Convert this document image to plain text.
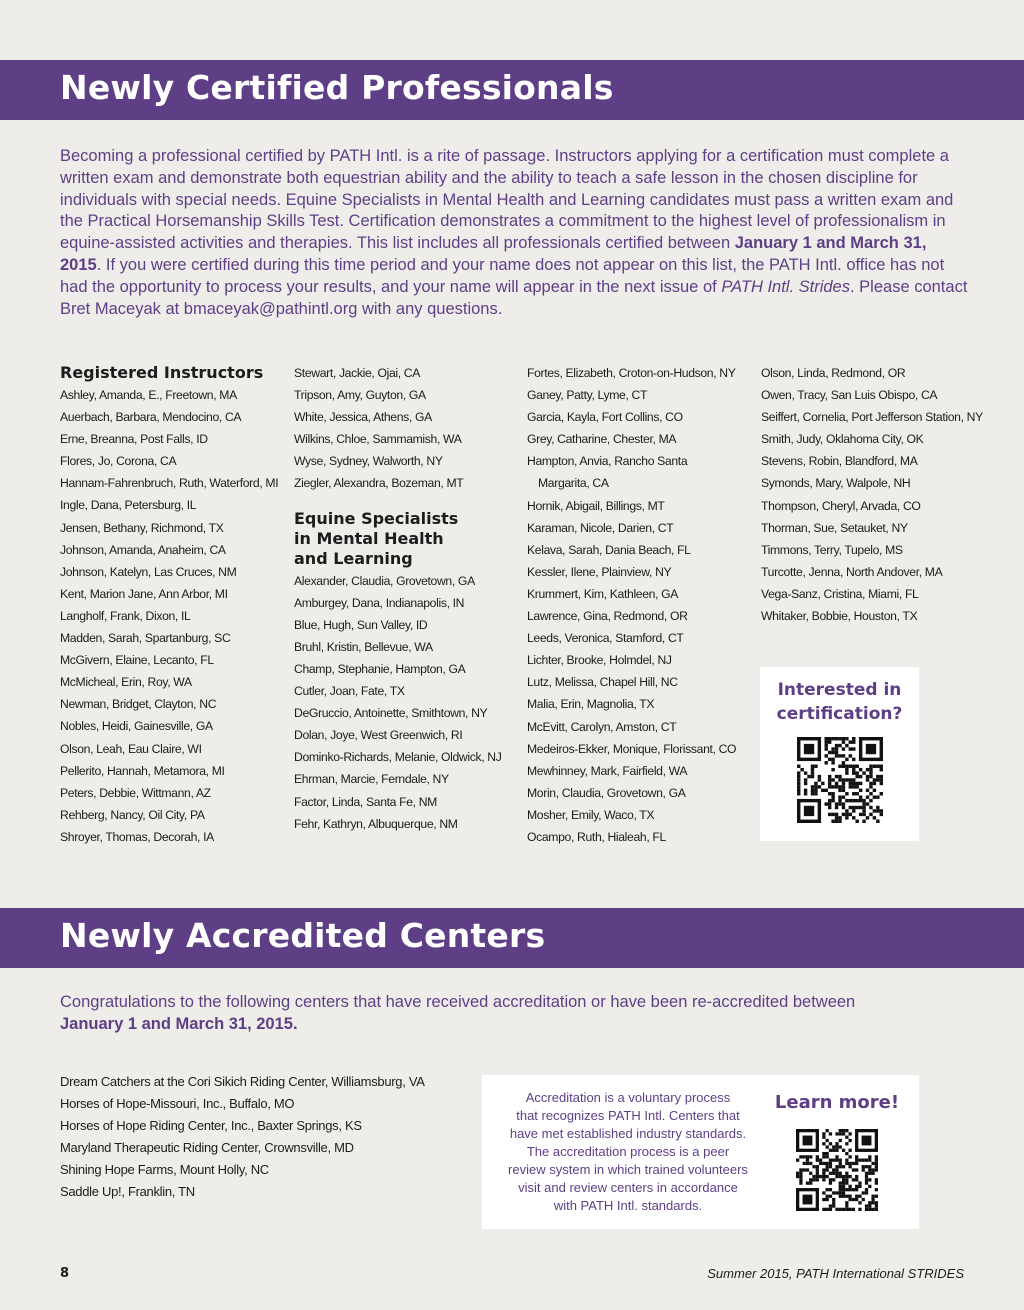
Newly Certified Professionals
Becoming a professional certified by PATH Intl. is a rite of passage. Instructors applying for a certification must complete a written exam and demonstrate both equestrian ability and the ability to teach a safe lesson in the chosen discipline for individuals with special needs. Equine Specialists in Mental Health and Learning candidates must pass a written exam and the Practical Horsemanship Skills Test. Certification demonstrates a commitment to the highest level of professionalism in equine-assisted activities and therapies. This list includes all professionals certified between January 1 and March 31, 2015. If you were certified during this time period and your name does not appear on this list, the PATH Intl. office has not had the opportunity to process your results, and your name will appear in the next issue of PATH Intl. Strides. Please contact Bret Maceyak at bmaceyak@pathintl.org with any questions.
Registered Instructors
Ashley, Amanda, E., Freetown, MA
Auerbach, Barbara, Mendocino, CA
Erne, Breanna, Post Falls, ID
Flores, Jo, Corona, CA
Hannam-Fahrenbruch, Ruth, Waterford, MI
Ingle, Dana, Petersburg, IL
Jensen, Bethany, Richmond, TX
Johnson, Amanda, Anaheim, CA
Johnson, Katelyn, Las Cruces, NM
Kent, Marion Jane, Ann Arbor, MI
Langholf, Frank, Dixon, IL
Madden, Sarah, Spartanburg, SC
McGivern, Elaine, Lecanto, FL
McMicheal, Erin, Roy, WA
Newman, Bridget, Clayton, NC
Nobles, Heidi, Gainesville, GA
Olson, Leah, Eau Claire, WI
Pellerito, Hannah, Metamora, MI
Peters, Debbie, Wittmann, AZ
Rehberg, Nancy, Oil City, PA
Shroyer, Thomas, Decorah, IA
Stewart, Jackie, Ojai, CA
Tripson, Amy, Guyton, GA
White, Jessica, Athens, GA
Wilkins, Chloe, Sammamish, WA
Wyse, Sydney, Walworth, NY
Ziegler, Alexandra, Bozeman, MT
Equine Specialists
in Mental Health
and Learning
Alexander, Claudia, Grovetown, GA
Amburgey, Dana, Indianapolis, IN
Blue, Hugh, Sun Valley, ID
Bruhl, Kristin, Bellevue, WA
Champ, Stephanie, Hampton, GA
Cutler, Joan, Fate, TX
DeGruccio, Antoinette, Smithtown, NY
Dolan, Joye, West Greenwich, RI
Dominko-Richards, Melanie, Oldwick, NJ
Ehrman, Marcie, Ferndale, NY
Factor, Linda, Santa Fe, NM
Fehr, Kathryn, Albuquerque, NM
Fortes, Elizabeth, Croton-on-Hudson, NY
Ganey, Patty, Lyme, CT
Garcia, Kayla, Fort Collins, CO
Grey, Catharine, Chester, MA
Hampton, Anvia, Rancho Santa
Margarita, CA
Hornik, Abigail, Billings, MT
Karaman, Nicole, Darien, CT
Kelava, Sarah, Dania Beach, FL
Kessler, Ilene, Plainview, NY
Krummert, Kim, Kathleen, GA
Lawrence, Gina, Redmond, OR
Leeds, Veronica, Stamford, CT
Lichter, Brooke, Holmdel, NJ
Lutz, Melissa, Chapel Hill, NC
Malia, Erin, Magnolia, TX
McEvitt, Carolyn, Amston, CT
Medeiros-Ekker, Monique, Florissant, CO
Mewhinney, Mark, Fairfield, WA
Morin, Claudia, Grovetown, GA
Mosher, Emily, Waco, TX
Ocampo, Ruth, Hialeah, FL
Olson, Linda, Redmond, OR
Owen, Tracy, San Luis Obispo, CA
Seiffert, Cornelia, Port Jefferson Station, NY
Smith, Judy, Oklahoma City, OK
Stevens, Robin, Blandford, MA
Symonds, Mary, Walpole, NH
Thompson, Cheryl, Arvada, CO
Thorman, Sue, Setauket, NY
Timmons, Terry, Tupelo, MS
Turcotte, Jenna, North Andover, MA
Vega-Sanz, Cristina, Miami, FL
Whitaker, Bobbie, Houston, TX
Interested in
certification?
Newly Accredited Centers
Congratulations to the following centers that have received accreditation or have been re-accredited between
January 1 and March 31, 2015.
Dream Catchers at the Cori Sikich Riding Center, Williamsburg, VA
Horses of Hope-Missouri, Inc., Buffalo, MO
Horses of Hope Riding Center, Inc., Baxter Springs, KS
Maryland Therapeutic Riding Center, Crownsville, MD
Shining Hope Farms, Mount Holly, NC
Saddle Up!, Franklin, TN
Accreditation is a voluntary process
that recognizes PATH Intl. Centers that
have met established industry standards.
The accreditation process is a peer
review system in which trained volunteers
visit and review centers in accordance
with PATH Intl. standards.
Learn more!
8	Summer 2015, PATH International STRIDES
